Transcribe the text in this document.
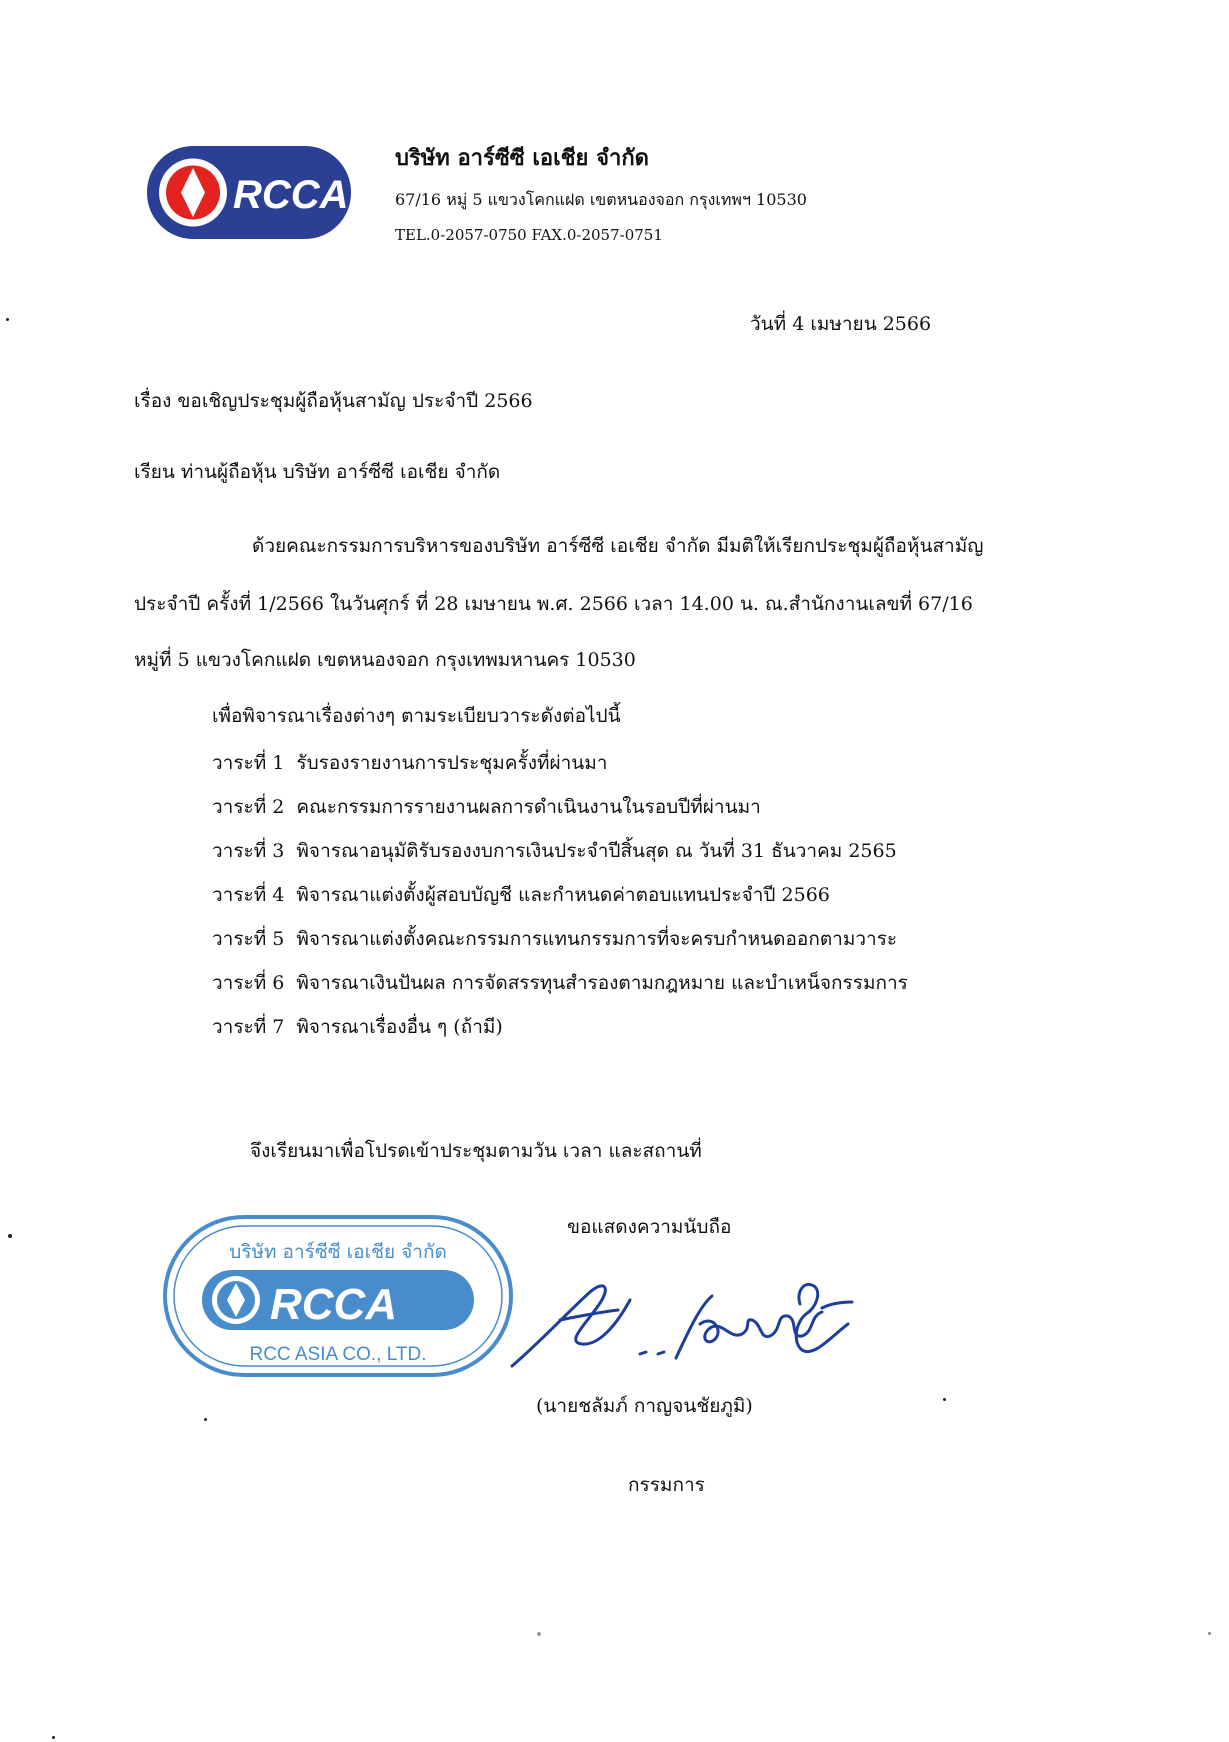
RCCA
บริษัท อาร์ซีซี เอเชีย จำกัด
67/16 หมู่ 5 แขวงโคกแฝด เขตหนองจอก กรุงเทพฯ 10530
TEL.0-2057-0750 FAX.0-2057-0751
วันที่ 4 เมษายน 2566
เรื่อง ขอเชิญประชุมผู้ถือหุ้นสามัญ ประจำปี 2566
เรียน ท่านผู้ถือหุ้น บริษัท อาร์ซีซี เอเชีย จำกัด
ด้วยคณะกรรมการบริหารของบริษัท อาร์ซีซี เอเชีย จำกัด มีมติให้เรียกประชุมผู้ถือหุ้นสามัญ
ประจำปี ครั้งที่ 1/2566 ในวันศุกร์ ที่ 28 เมษายน พ.ศ. 2566 เวลา 14.00 น. ณ.สำนักงานเลขที่ 67/16
หมู่ที่ 5 แขวงโคกแฝด เขตหนองจอก กรุงเทพมหานคร 10530
เพื่อพิจารณาเรื่องต่างๆ ตามระเบียบวาระดังต่อไปนี้
วาระที่ 1 รับรองรายงานการประชุมครั้งที่ผ่านมา
วาระที่ 2 คณะกรรมการรายงานผลการดำเนินงานในรอบปีที่ผ่านมา
วาระที่ 3 พิจารณาอนุมัติรับรองงบการเงินประจำปีสิ้นสุด ณ วันที่ 31 ธันวาคม 2565
วาระที่ 4 พิจารณาแต่งตั้งผู้สอบบัญชี และกำหนดค่าตอบแทนประจำปี 2566
วาระที่ 5 พิจารณาแต่งตั้งคณะกรรมการแทนกรรมการที่จะครบกำหนดออกตามวาระ
วาระที่ 6 พิจารณาเงินปันผล การจัดสรรทุนสำรองตามกฎหมาย และบำเหน็จกรรมการ
วาระที่ 7 พิจารณาเรื่องอื่น ๆ (ถ้ามี)
จึงเรียนมาเพื่อโปรดเข้าประชุมตามวัน เวลา และสถานที่
ขอแสดงความนับถือ
บริษัท อาร์ซีซี เอเชีย จำกัด
RCCA
RCC ASIA CO., LTD.
(นายชลัมภ์ กาญจนชัยภูมิ)
กรรมการ
